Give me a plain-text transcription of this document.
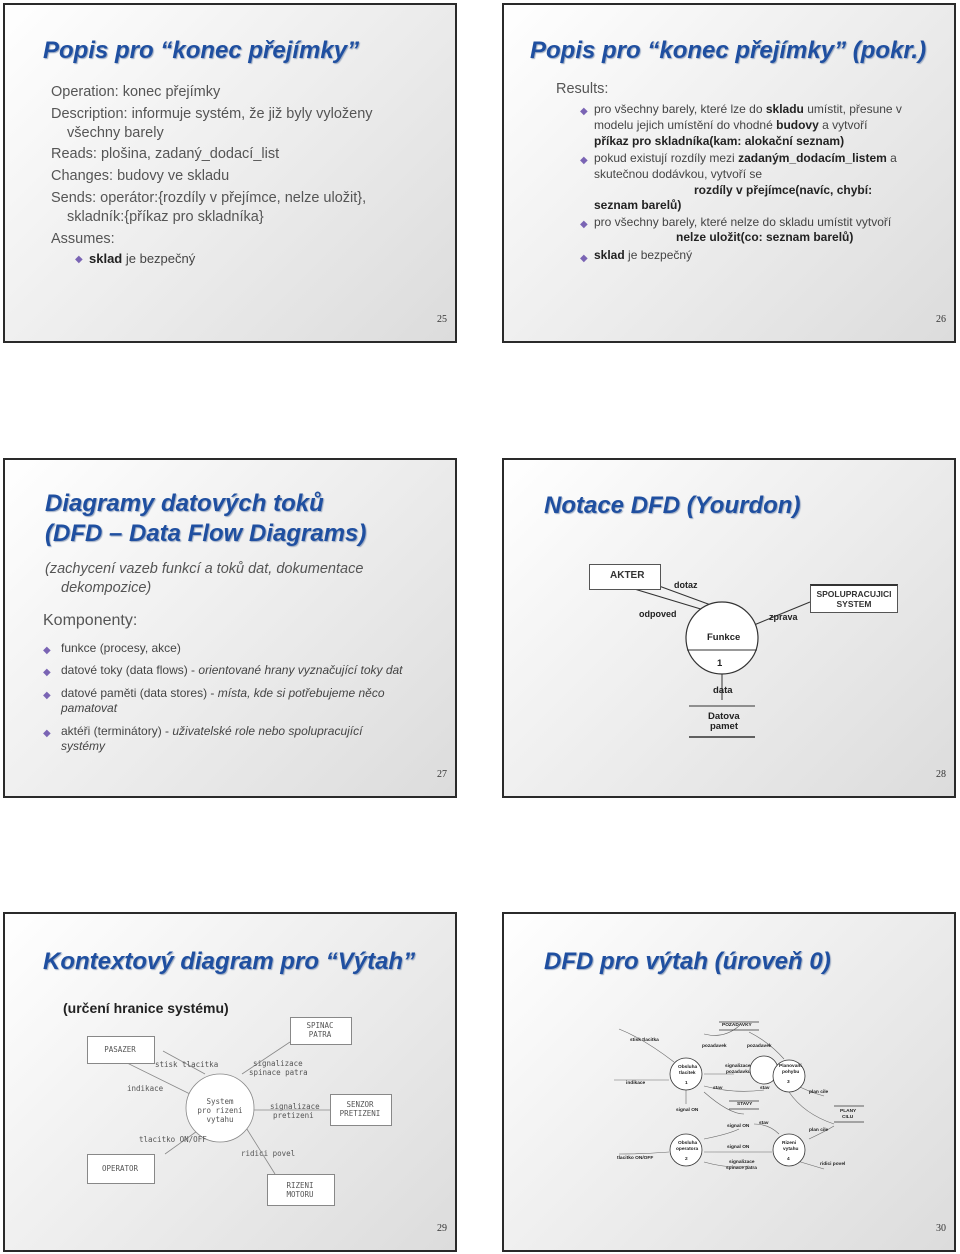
Popis pro “konec přejímky”
Operation: konec přejímky
Description: informuje systém, že již byly vyloženy
všechny barely
Reads: plošina, zadaný_dodací_list
Changes: budovy ve skladu
Sends: operátor:{rozdíly v přejímce, nelze uložit},
skladník:{příkaz pro skladníka}
Assumes:
◆ sklad je bezpečný
25
Popis pro “konec přejímky” (pokr.)
Results:
◆ pro všechny barely, které lze do skladu umístit, přesune v
modelu jejich umístění do vhodné budovy a vytvoří
příkaz pro skladníka(kam: alokační seznam)
◆ pokud existují rozdíly mezi zadaným_dodacím_listem a
skutečnou dodávkou, vytvoří se
rozdíly v přejímce(navíc, chybí:
seznam barelů)
◆ pro všechny barely, které nelze do skladu umístit vytvoří
nelze uložit(co: seznam barelů)
◆ sklad je bezpečný
26
Diagramy datových toků
(DFD – Data Flow Diagrams)
(zachycení vazeb funkcí a toků dat, dokumentace
dekompozice)
Komponenty:
◆ funkce (procesy, akce)
◆ datové toky (data flows) - orientované hrany vyznačující toky dat
◆ datové paměti (data stores) - místa, kde si potřebujeme něco
pamatovat
◆ aktéři (terminátory) - uživatelské role nebo spolupracující
systémy
27
Notace DFD (Yourdon)
AKTER
dotaz
odpoved
SPOLUPRACUJICI
SYSTEM
zprava
Funkce
1
data
Datova
pamet
28
Kontextový diagram pro “Výtah”
(určení hranice systému)
SPINAC
PATRA
PASAZER
stisk tlacitka	signalizace
spinace patra
indikace
System
pro rizeni
vytahu
signalizace
pretizeni
SENZOR
PRETIZENI
tlacitko ON/OFF
ridici povel
OPERATOR
RIZENI
MOTORU
29
DFD pro výtah (úroveň 0)
POZADAVKY
stisk tlacitka
pozadavek	pozadavek
Obsluha
tlacitek
1
signalizace
pozadavku
Planovani
pohybu
3
indikace
stav	stav
plan cile
STAVY
signal ON	PLANY
CILU
stav
signal ON
plan cile
Obsluha
operatora
2
signal ON
Rizeni
vytahu
4
tlacitko ON/OFF
signalizace
spinace patra
ridici povel
30
